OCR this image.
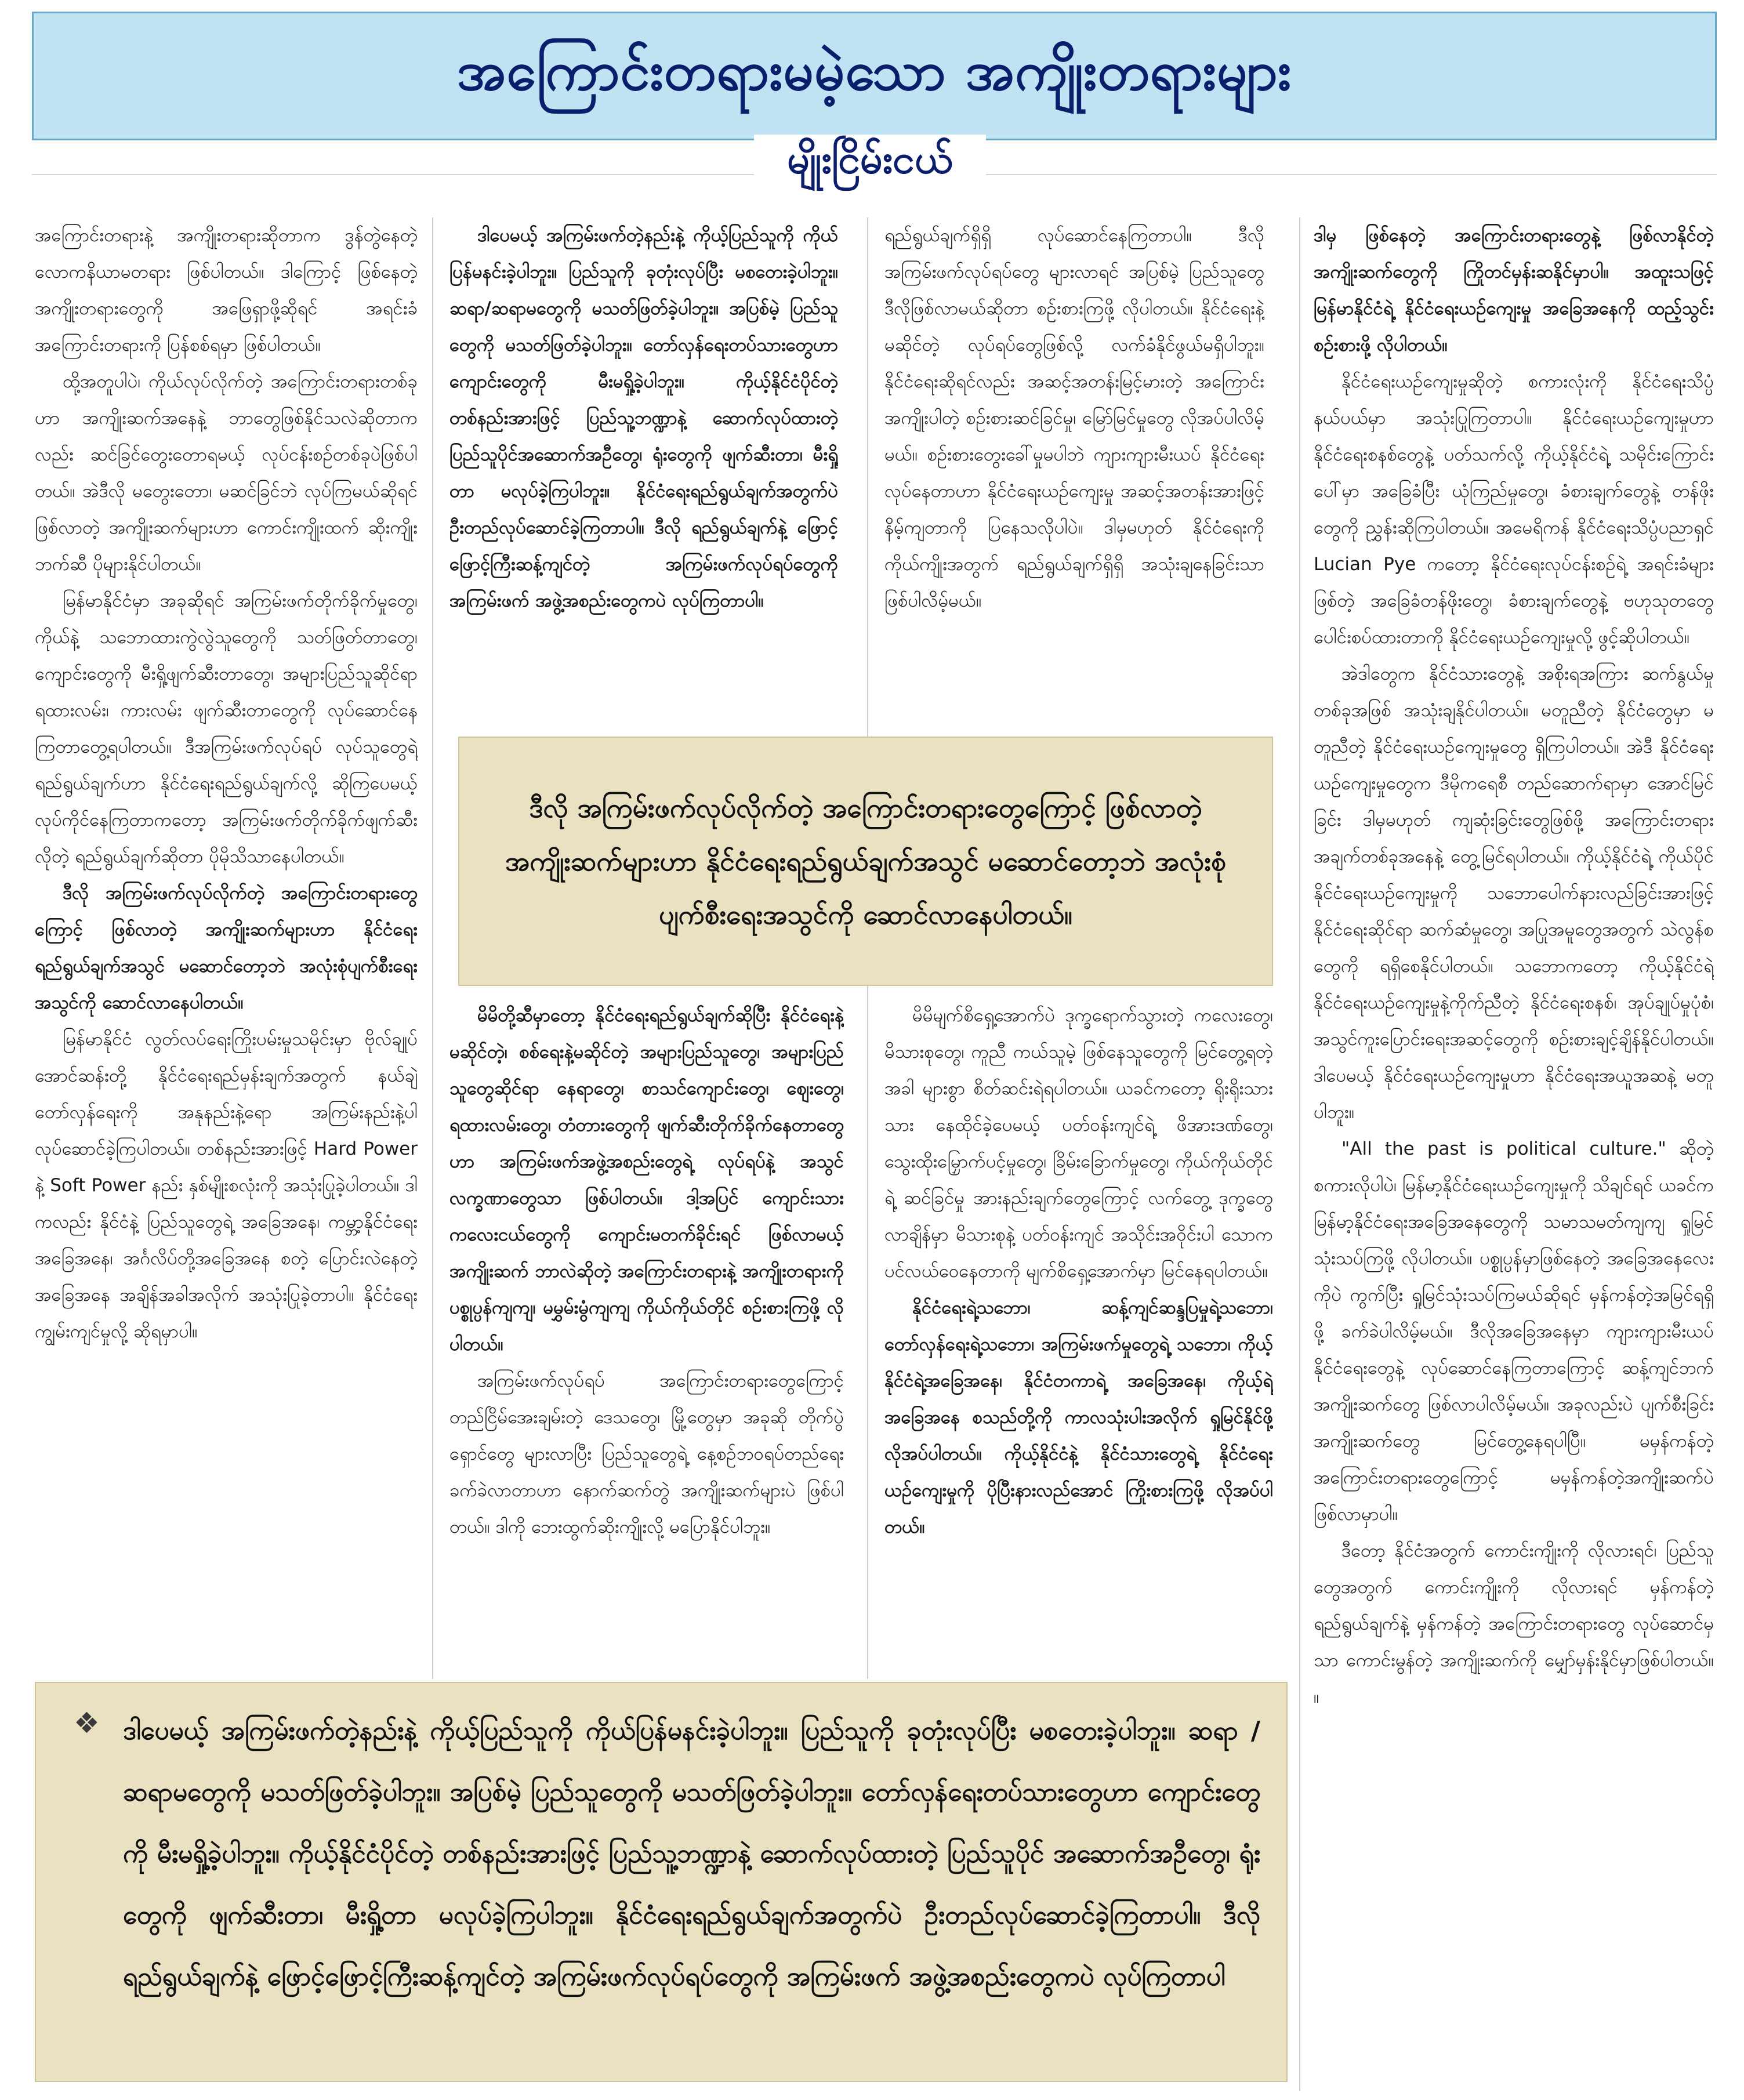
အကြောင်းတရားမမဲ့သော အကျိုးတရားများ
မျိုးငြိမ်းငယ်

အကြောင်းတရားနဲ့ အကျိုးတရားဆိုတာက ဒွန်တွဲနေတဲ့ လောကနိယာမတရား ဖြစ်ပါတယ်။ ဒါကြောင့် ဖြစ်နေတဲ့ အကျိုးတရားတွေကို အဖြေရှာဖို့ဆိုရင် အရင်းခံ အကြောင်းတရားကို ပြန်စစ်ရမှာ ဖြစ်ပါတယ်။

ထို့အတူပါပဲ၊ ကိုယ်လုပ်လိုက်တဲ့ အကြောင်းတရားတစ်ခုဟာ အကျိုးဆက်အနေနဲ့ ဘာတွေဖြစ်နိုင်သလဲဆိုတာကလည်း ဆင်ခြင်တွေးတောရမယ့် လုပ်ငန်းစဉ်တစ်ခုပဲဖြစ်ပါတယ်။ အဲဒီလို မတွေးတော၊ မဆင်ခြင်ဘဲ လုပ်ကြမယ်ဆိုရင် ဖြစ်လာတဲ့ အကျိုးဆက်များဟာ ကောင်းကျိုးထက် ဆိုးကျိုးဘက်ဆီ ပိုများနိုင်ပါတယ်။

မြန်မာနိုင်ငံမှာ အခုဆိုရင် အကြမ်းဖက်တိုက်ခိုက်မှုတွေ၊ ကိုယ်နဲ့ သဘောထားကွဲလွဲသူတွေကို သတ်ဖြတ်တာတွေ၊ ကျောင်းတွေကို မီးရှို့ဖျက်ဆီးတာတွေ၊ အများပြည်သူဆိုင်ရာ ရထားလမ်း၊ ကားလမ်း ဖျက်ဆီးတာတွေကို လုပ်ဆောင်နေကြတာတွေ့ရပါတယ်။ ဒီအကြမ်းဖက်လုပ်ရပ် လုပ်သူတွေရဲ့ ရည်ရွယ်ချက်ဟာ နိုင်ငံရေးရည်ရွယ်ချက်လို့ ဆိုကြပေမယ့် လုပ်ကိုင်နေကြတာကတော့ အကြမ်းဖက်တိုက်ခိုက်ဖျက်ဆီးလိုတဲ့ ရည်ရွယ်ချက်ဆိုတာ ပိုမိုသိသာနေပါတယ်။

ဒီလို အကြမ်းဖက်လုပ်လိုက်တဲ့ အကြောင်းတရားတွေကြောင့် ဖြစ်လာတဲ့ အကျိုးဆက်များဟာ နိုင်ငံရေးရည်ရွယ်ချက်အသွင် မဆောင်တော့ဘဲ အလုံးစုံပျက်စီးရေး အသွင်ကို ဆောင်လာနေပါတယ်။

မြန်မာနိုင်ငံ လွတ်လပ်ရေးကြိုးပမ်းမှုသမိုင်းမှာ ဗိုလ်ချုပ်အောင်ဆန်းတို့ နိုင်ငံရေးရည်မှန်းချက်အတွက် နယ်ချဲ့တော်လှန်ရေးကို အနုနည်းနဲ့ရော အကြမ်းနည်းနဲ့ပါ လုပ်ဆောင်ခဲ့ကြပါတယ်။ တစ်နည်းအားဖြင့် Hard Power နဲ့ Soft Power နည်း နှစ်မျိုးစလုံးကို အသုံးပြုခဲ့ပါတယ်။ ဒါကလည်း နိုင်ငံနဲ့ ပြည်သူတွေရဲ့ အခြေအနေ၊ ကမ္ဘာ့နိုင်ငံရေးအခြေအနေ၊ အင်္ဂလိပ်တို့အခြေအနေ စတဲ့ ပြောင်းလဲနေတဲ့ အခြေအနေ အချိန်အခါအလိုက် အသုံးပြုခဲ့တာပါ။ နိုင်ငံရေးကျွမ်းကျင်မှုလို့ ဆိုရမှာပါ။

ဒါပေမယ့် အကြမ်းဖက်တဲ့နည်းနဲ့ ကိုယ့်ပြည်သူကို ကိုယ်ပြန်မနင်းခဲ့ပါဘူး။ ပြည်သူကို ခုတုံးလုပ်ပြီး မစတေးခဲ့ပါဘူး။ ဆရာ/ဆရာမတွေကို မသတ်ဖြတ်ခဲ့ပါဘူး။ အပြစ်မဲ့ ပြည်သူတွေကို မသတ်ဖြတ်ခဲ့ပါဘူး။ တော်လှန်ရေးတပ်သားတွေဟာ ကျောင်းတွေကို မီးမရှို့ခဲ့ပါဘူး။ ကိုယ့်နိုင်ငံပိုင်တဲ့ တစ်နည်းအားဖြင့် ပြည်သူ့ဘဏ္ဍာနဲ့ ဆောက်လုပ်ထားတဲ့ ပြည်သူပိုင်အဆောက်အဦတွေ၊ ရုံးတွေကို ဖျက်ဆီးတာ၊ မီးရှို့တာ မလုပ်ခဲ့ကြပါဘူး။ နိုင်ငံရေးရည်ရွယ်ချက်အတွက်ပဲ ဦးတည်လုပ်ဆောင်ခဲ့ကြတာပါ။ ဒီလို ရည်ရွယ်ချက်နဲ့ ဖြောင့်ဖြောင့်ကြီးဆန့်ကျင်တဲ့ အကြမ်းဖက်လုပ်ရပ်တွေကို အကြမ်းဖက် အဖွဲ့အစည်းတွေကပဲ လုပ်ကြတာပါ။

ရည်ရွယ်ချက်ရှိရှိ လုပ်ဆောင်နေကြတာပါ။ ဒီလို အကြမ်းဖက်လုပ်ရပ်တွေ များလာရင် အပြစ်မဲ့ ပြည်သူတွေ ဒီလိုဖြစ်လာမယ်ဆိုတာ စဉ်းစားကြဖို့ လိုပါတယ်။ နိုင်ငံရေးနဲ့ မဆိုင်တဲ့ လုပ်ရပ်တွေဖြစ်လို့ လက်ခံနိုင်ဖွယ်မရှိပါဘူး။ နိုင်ငံရေးဆိုရင်လည်း အဆင့်အတန်းမြင့်မားတဲ့ အကြောင်းအကျိုးပါတဲ့ စဉ်းစားဆင်ခြင်မှု၊ မြော်မြင်မှုတွေ လိုအပ်ပါလိမ့်မယ်။ စဉ်းစားတွေးခေါ်မှုမပါဘဲ ကျားကျားမီးယပ် နိုင်ငံရေး လုပ်နေတာဟာ နိုင်ငံရေးယဉ်ကျေးမှု အဆင့်အတန်းအားဖြင့် နိမ့်ကျတာကို ပြနေသလိုပါပဲ။ ဒါမှမဟုတ် နိုင်ငံရေးကို ကိုယ်ကျိုးအတွက် ရည်ရွယ်ချက်ရှိရှိ အသုံးချနေခြင်းသာ ဖြစ်ပါလိမ့်မယ်။

ဒါမှ ဖြစ်နေတဲ့ အကြောင်းတရားတွေနဲ့ ဖြစ်လာနိုင်တဲ့ အကျိုးဆက်တွေကို ကြိုတင်မှန်းဆနိုင်မှာပါ။ အထူးသဖြင့် မြန်မာနိုင်ငံရဲ့ နိုင်ငံရေးယဉ်ကျေးမှု အခြေအနေကို ထည့်သွင်းစဉ်းစားဖို့ လိုပါတယ်။

နိုင်ငံရေးယဉ်ကျေးမှုဆိုတဲ့ စကားလုံးကို နိုင်ငံရေးသိပ္ပံနယ်ပယ်မှာ အသုံးပြုကြတာပါ။ နိုင်ငံရေးယဉ်ကျေးမှုဟာ နိုင်ငံရေးစနစ်တွေနဲ့ ပတ်သက်လို့ ကိုယ့်နိုင်ငံရဲ့ သမိုင်းကြောင်းပေါ်မှာ အခြေခံပြီး ယုံကြည်မှုတွေ၊ ခံစားချက်တွေနဲ့ တန်ဖိုးတွေကို ညွှန်းဆိုကြပါတယ်။ အမေရိကန် နိုင်ငံရေးသိပ္ပံပညာရှင် Lucian Pye ကတော့ နိုင်ငံရေးလုပ်ငန်းစဉ်ရဲ့ အရင်းခံများဖြစ်တဲ့ အခြေခံတန်ဖိုးတွေ၊ ခံစားချက်တွေနဲ့ ဗဟုသုတတွေ ပေါင်းစပ်ထားတာကို နိုင်ငံရေးယဉ်ကျေးမှုလို့ ဖွင့်ဆိုပါတယ်။

အဲဒါတွေက နိုင်ငံသားတွေနဲ့ အစိုးရအကြား ဆက်နွယ်မှုတစ်ခုအဖြစ် အသုံးချနိုင်ပါတယ်။ မတူညီတဲ့ နိုင်ငံတွေမှာ မတူညီတဲ့ နိုင်ငံရေးယဉ်ကျေးမှုတွေ ရှိကြပါတယ်။ အဲဒီ နိုင်ငံရေးယဉ်ကျေးမှုတွေက ဒီမိုကရေစီ တည်ဆောက်ရာမှာ အောင်မြင်ခြင်း ဒါမှမဟုတ် ကျဆုံးခြင်းတွေဖြစ်ဖို့ အကြောင်းတရား အချက်တစ်ခုအနေနဲ့ တွေ့မြင်ရပါတယ်။ ကိုယ့်နိုင်ငံရဲ့ ကိုယ်ပိုင် နိုင်ငံရေးယဉ်ကျေးမှုကို သဘောပေါက်နားလည်ခြင်းအားဖြင့် နိုင်ငံရေးဆိုင်ရာ ဆက်ဆံမှုတွေ၊ အပြုအမူတွေအတွက် သဲလွန်စတွေကို ရရှိစေနိုင်ပါတယ်။ သဘောကတော့ ကိုယ့်နိုင်ငံရဲ့ နိုင်ငံရေးယဉ်ကျေးမှုနဲ့ကိုက်ညီတဲ့ နိုင်ငံရေးစနစ်၊ အုပ်ချုပ်မှုပုံစံ၊ အသွင်ကူးပြောင်းရေးအဆင့်တွေကို စဉ်းစားချင့်ချိန်နိုင်ပါတယ်။ ဒါပေမယ့် နိုင်ငံရေးယဉ်ကျေးမှုဟာ နိုင်ငံရေးအယူအဆနဲ့ မတူပါဘူး။

"All the past is political culture." ဆိုတဲ့ စကားလိုပါပဲ၊ မြန်မာ့နိုင်ငံရေးယဉ်ကျေးမှုကို သိချင်ရင် ယခင်က မြန်မာ့နိုင်ငံရေးအခြေအနေတွေကို သမာသမတ်ကျကျ ရှုမြင်သုံးသပ်ကြဖို့ လိုပါတယ်။ ပစ္စုပ္ပန်မှာဖြစ်နေတဲ့ အခြေအနေလေးကိုပဲ ကွက်ပြီး ရှုမြင်သုံးသပ်ကြမယ်ဆိုရင် မှန်ကန်တဲ့အမြင်ရရှိဖို့ ခက်ခဲပါလိမ့်မယ်။ ဒီလိုအခြေအနေမှာ ကျားကျားမီးယပ် နိုင်ငံရေးတွေနဲ့ လုပ်ဆောင်နေကြတာကြောင့် ဆန့်ကျင်ဘက် အကျိုးဆက်တွေ ဖြစ်လာပါလိမ့်မယ်။ အခုလည်းပဲ ပျက်စီးခြင်း အကျိုးဆက်တွေ မြင်တွေ့နေရပါပြီ။ မမှန်ကန်တဲ့ အကြောင်းတရားတွေကြောင့် မမှန်ကန်တဲ့အကျိုးဆက်ပဲ ဖြစ်လာမှာပါ။

ဒီတော့ နိုင်ငံအတွက် ကောင်းကျိုးကို လိုလားရင်၊ ပြည်သူတွေအတွက် ကောင်းကျိုးကို လိုလားရင် မှန်ကန်တဲ့ ရည်ရွယ်ချက်နဲ့ မှန်ကန်တဲ့ အကြောင်းတရားတွေ လုပ်ဆောင်မှသာ ကောင်းမွန်တဲ့ အကျိုးဆက်ကို မျှော်မှန်းနိုင်မှာဖြစ်ပါတယ်။ ။

ဒီလို အကြမ်းဖက်လုပ်လိုက်တဲ့ အကြောင်းတရားတွေကြောင့် ဖြစ်လာတဲ့အကျိုးဆက်များဟာ နိုင်ငံရေးရည်ရွယ်ချက်အသွင် မဆောင်တော့ဘဲ အလုံးစုံ ပျက်စီးရေးအသွင်ကို ဆောင်လာနေပါတယ်။

မိမိတို့ဆီမှာတော့ နိုင်ငံရေးရည်ရွယ်ချက်ဆိုပြီး နိုင်ငံရေးနဲ့မဆိုင်တဲ့၊ စစ်ရေးနဲ့မဆိုင်တဲ့ အများပြည်သူတွေ၊ အများပြည်သူတွေဆိုင်ရာ နေရာတွေ၊ စာသင်ကျောင်းတွေ၊ ဈေးတွေ၊ ရထားလမ်းတွေ၊ တံတားတွေကို ဖျက်ဆီးတိုက်ခိုက်နေတာတွေဟာ အကြမ်းဖက်အဖွဲ့အစည်းတွေရဲ့ လုပ်ရပ်နဲ့ အသွင်လက္ခဏာတွေသာ ဖြစ်ပါတယ်။ ဒါ့အပြင် ကျောင်းသား ကလေးငယ်တွေကို ကျောင်းမတက်ခိုင်းရင် ဖြစ်လာမယ့် အကျိုးဆက် ဘာလဲဆိုတဲ့ အကြောင်းတရားနဲ့ အကျိုးတရားကို ပစ္စုပ္ပန်ကျကျ၊ မမွှမ်းမွံကျကျ ကိုယ်ကိုယ်တိုင် စဉ်းစားကြဖို့ လိုပါတယ်။

အကြမ်းဖက်လုပ်ရပ် အကြောင်းတရားတွေကြောင့် တည်ငြိမ်အေးချမ်းတဲ့ ဒေသတွေ၊ မြို့တွေမှာ အခုဆို တိုက်ပွဲရှောင်တွေ များလာပြီး ပြည်သူတွေရဲ့ နေ့စဉ်ဘဝရပ်တည်ရေး ခက်ခဲလာတာဟာ နောက်ဆက်တွဲ အကျိုးဆက်များပဲ ဖြစ်ပါတယ်။ ဒါကို ဘေးထွက်ဆိုးကျိုးလို့ မပြောနိုင်ပါဘူး။

မိမိမျက်စိရှေ့အောက်ပဲ ဒုက္ခရောက်သွားတဲ့ ကလေးတွေ၊ မိသားစုတွေ၊ ကူညီ ကယ်သူမဲ့ ဖြစ်နေသူတွေကို မြင်တွေ့ရတဲ့အခါ များစွာ စိတ်ဆင်းရဲရပါတယ်။ ယခင်ကတော့ ရိုးရိုးသားသား နေထိုင်ခဲ့ပေမယ့် ပတ်ဝန်းကျင်ရဲ့ ဖိအားဒဏ်တွေ၊ သွေးထိုးမြှောက်ပင့်မှုတွေ၊ ခြိမ်းခြောက်မှုတွေ၊ ကိုယ်ကိုယ်တိုင်ရဲ့ ဆင်ခြင်မှု အားနည်းချက်တွေကြောင့် လက်တွေ့ ဒုက္ခတွေ လာချိန်မှာ မိသားစုနဲ့ ပတ်ဝန်းကျင် အသိုင်းအဝိုင်းပါ သောကပင်လယ်ဝေနေတာကို မျက်စိရှေ့အောက်မှာ မြင်နေရပါတယ်။

နိုင်ငံရေးရဲ့သဘော၊ ဆန့်ကျင်ဆန္ဒပြမှုရဲ့သဘော၊ တော်လှန်ရေးရဲ့သဘော၊ အကြမ်းဖက်မှုတွေရဲ့ သဘော၊ ကိုယ့်နိုင်ငံရဲ့အခြေအနေ၊ နိုင်ငံတကာရဲ့ အခြေအနေ၊ ကိုယ့်ရဲ့အခြေအနေ စသည်တို့ကို ကာလသုံးပါးအလိုက် ရှုမြင်နိုင်ဖို့ လိုအပ်ပါတယ်။ ကိုယ့်နိုင်ငံနဲ့ နိုင်ငံသားတွေရဲ့ နိုင်ငံရေးယဉ်ကျေးမှုကို ပိုပြီးနားလည်အောင် ကြိုးစားကြဖို့ လိုအပ်ပါတယ်။

❖ ဒါပေမယ့် အကြမ်းဖက်တဲ့နည်းနဲ့ ကိုယ့်ပြည်သူကို ကိုယ်ပြန်မနင်းခဲ့ပါဘူး။ ပြည်သူကို ခုတုံးလုပ်ပြီး မစတေးခဲ့ပါဘူး။ ဆရာ / ဆရာမတွေကို မသတ်ဖြတ်ခဲ့ပါဘူး။ အပြစ်မဲ့ ပြည်သူတွေကို မသတ်ဖြတ်ခဲ့ပါဘူး။ တော်လှန်ရေးတပ်သားတွေဟာ ကျောင်းတွေကို မီးမရှို့ခဲ့ပါဘူး။ ကိုယ့်နိုင်ငံပိုင်တဲ့ တစ်နည်းအားဖြင့် ပြည်သူ့ဘဏ္ဍာနဲ့ ဆောက်လုပ်ထားတဲ့ ပြည်သူပိုင် အဆောက်အဦတွေ၊ ရုံးတွေကို ဖျက်ဆီးတာ၊ မီးရှို့တာ မလုပ်ခဲ့ကြပါဘူး။ နိုင်ငံရေးရည်ရွယ်ချက်အတွက်ပဲ ဦးတည်လုပ်ဆောင်ခဲ့ကြတာပါ။ ဒီလို ရည်ရွယ်ချက်နဲ့ ဖြောင့်ဖြောင့်ကြီးဆန့်ကျင်တဲ့ အကြမ်းဖက်လုပ်ရပ်တွေကို အကြမ်းဖက် အဖွဲ့အစည်းတွေကပဲ လုပ်ကြတာပါ
